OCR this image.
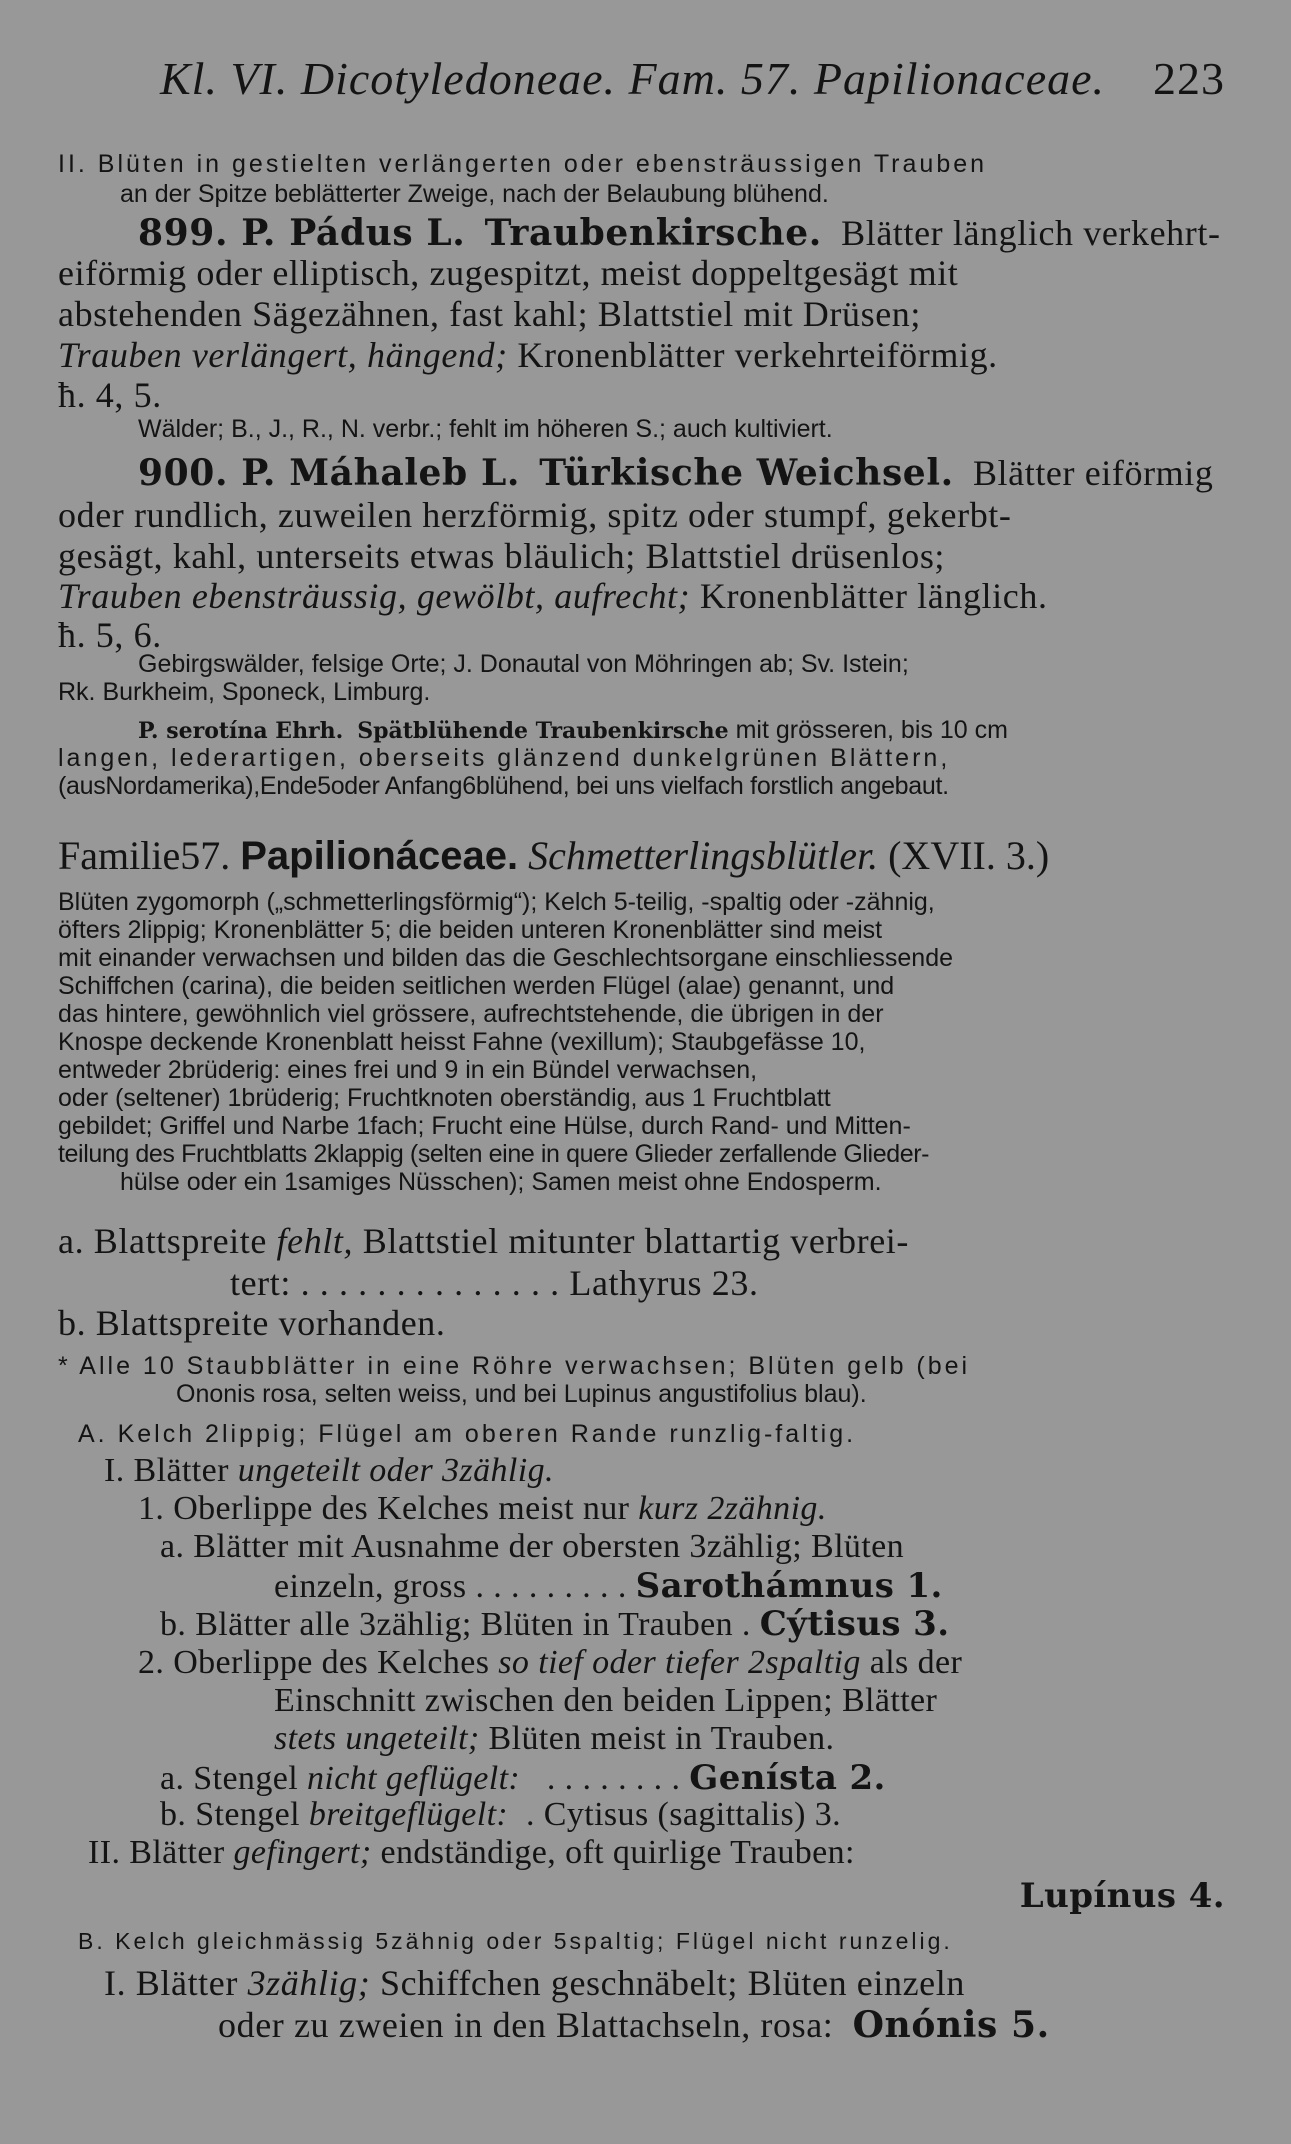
Kl. VI. Dicotyledoneae. Fam. 57. Papilionaceae. 223

II. Blüten in gestielten verlängerten oder ebensträussigen Trauben

an der Spitze beblätterter Zweige, nach der Belaubung blühend.

899. P. Pádus L. Traubenkirsche. Blätter länglich verkehrt-

eiförmig oder elliptisch, zugespitzt, meist doppeltgesägt mit

abstehenden Sägezähnen, fast kahl; Blattstiel mit Drüsen;

Trauben verlängert, hängend; Kronenblätter verkehrteiförmig.

ħ. 4, 5.

Wälder; B., J., R., N. verbr.; fehlt im höheren S.; auch kultiviert.

900. P. Máhaleb L. Türkische Weichsel. Blätter eiförmig

oder rundlich, zuweilen herzförmig, spitz oder stumpf, gekerbt-

gesägt, kahl, unterseits etwas bläulich; Blattstiel drüsenlos;

Trauben ebensträussig, gewölbt, aufrecht; Kronenblätter länglich.

ħ. 5, 6.

Gebirgswälder, felsige Orte; J. Donautal von Möhringen ab; Sv. Istein;

Rk. Burkheim, Sponeck, Limburg.

P. serotína Ehrh. Spätblühende Traubenkirsche mit grösseren, bis 10 cm

langen, lederartigen, oberseits glänzend dunkelgrünen Blättern,

(ausNordamerika),Ende5oder Anfang6blühend, bei uns vielfach forstlich angebaut.

Familie57. Papilionáceae. Schmetterlingsblütler. (XVII. 3.)

Blüten zygomorph („schmetterlingsförmig“); Kelch 5-teilig, -spaltig oder -zähnig,

öfters 2lippig; Kronenblätter 5; die beiden unteren Kronenblätter sind meist

mit einander verwachsen und bilden das die Geschlechtsorgane einschliessende

Schiffchen (carina), die beiden seitlichen werden Flügel (alae) genannt, und

das hintere, gewöhnlich viel grössere, aufrechtstehende, die übrigen in der

Knospe deckende Kronenblatt heisst Fahne (vexillum); Staubgefässe 10,

entweder 2brüderig: eines frei und 9 in ein Bündel verwachsen,

oder (seltener) 1brüderig; Fruchtknoten oberständig, aus 1 Fruchtblatt

gebildet; Griffel und Narbe 1fach; Frucht eine Hülse, durch Rand- und Mitten-

teilung des Fruchtblatts 2klappig (selten eine in quere Glieder zerfallende Glieder-

hülse oder ein 1samiges Nüsschen); Samen meist ohne Endosperm.

a. Blattspreite fehlt, Blattstiel mitunter blattartig verbrei-

tert: . . . . . . . . . . . . . . Lathyrus 23.

b. Blattspreite vorhanden.

* Alle 10 Staubblätter in eine Röhre verwachsen; Blüten gelb (bei

Ononis rosa, selten weiss, und bei Lupinus angustifolius blau).

A. Kelch 2lippig; Flügel am oberen Rande runzlig-faltig.

I. Blätter ungeteilt oder 3zählig.

1. Oberlippe des Kelches meist nur kurz 2zähnig.

a. Blätter mit Ausnahme der obersten 3zählig; Blüten

einzeln, gross . . . . . . . . . Sarothámnus 1.

b. Blätter alle 3zählig; Blüten in Trauben . Cýtisus 3.

2. Oberlippe des Kelches so tief oder tiefer 2spaltig als der

Einschnitt zwischen den beiden Lippen; Blätter

stets ungeteilt; Blüten meist in Trauben.

a. Stengel nicht geflügelt: . . . . . . . . Genísta 2.

b. Stengel breitgeflügelt: . Cytisus (sagittalis) 3.

II. Blätter gefingert; endständige, oft quirlige Trauben:

Lupínus 4.

B. Kelch gleichmässig 5zähnig oder 5spaltig; Flügel nicht runzelig.

I. Blätter 3zählig; Schiffchen geschnäbelt; Blüten einzeln

oder zu zweien in den Blattachseln, rosa: Onónis 5.
